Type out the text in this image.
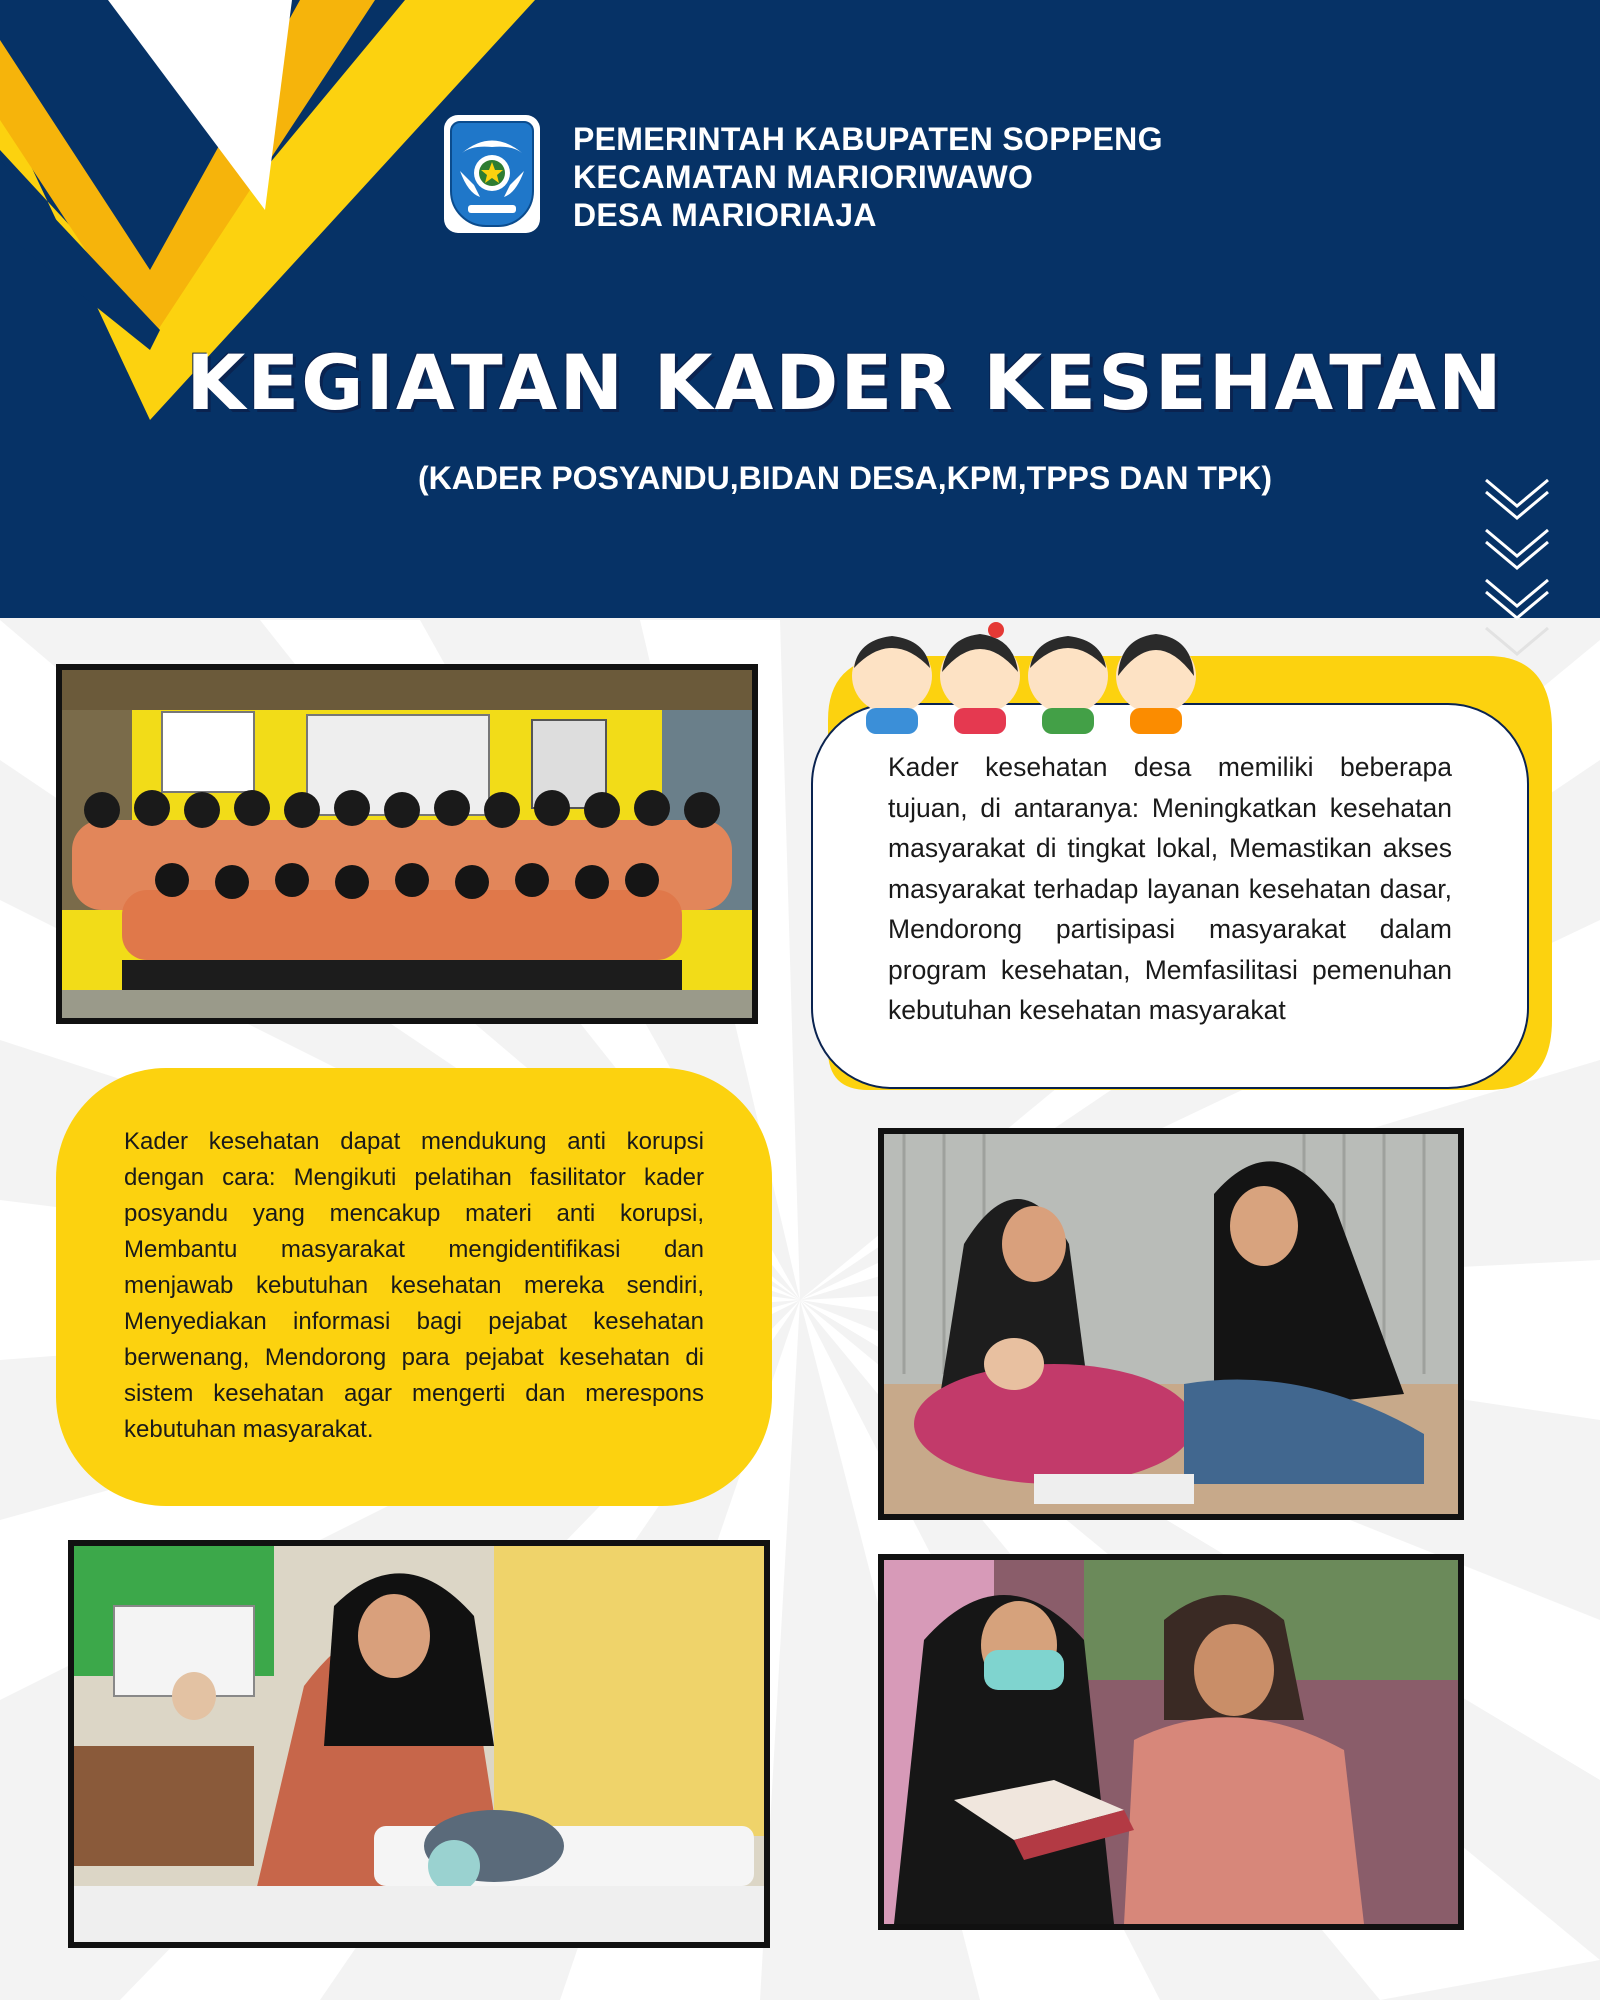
PEMERINTAH KABUPATEN SOPPENG
KECAMATAN MARIORIWAWO
DESA MARIORIAJA
KEGIATAN KADER KESEHATAN
(KADER POSYANDU,BIDAN DESA,KPM,TPPS DAN TPK)
Kader kesehatan desa memiliki beberapa tujuan, di antaranya: Meningkatkan kesehatan masyarakat di tingkat lokal, Memastikan akses masyarakat terhadap layanan kesehatan dasar, Mendorong partisipasi masyarakat dalam program kesehatan, Memfasilitasi pemenuhan kebutuhan kesehatan masyarakat
Kader kesehatan dapat mendukung anti korupsi dengan cara: Mengikuti pelatihan fasilitator kader posyandu yang mencakup materi anti korupsi, Membantu masyarakat mengidentifikasi dan menjawab kebutuhan kesehatan mereka sendiri, Menyediakan informasi bagi pejabat kesehatan berwenang, Mendorong para pejabat kesehatan di sistem kesehatan agar mengerti dan merespons kebutuhan masyarakat.
